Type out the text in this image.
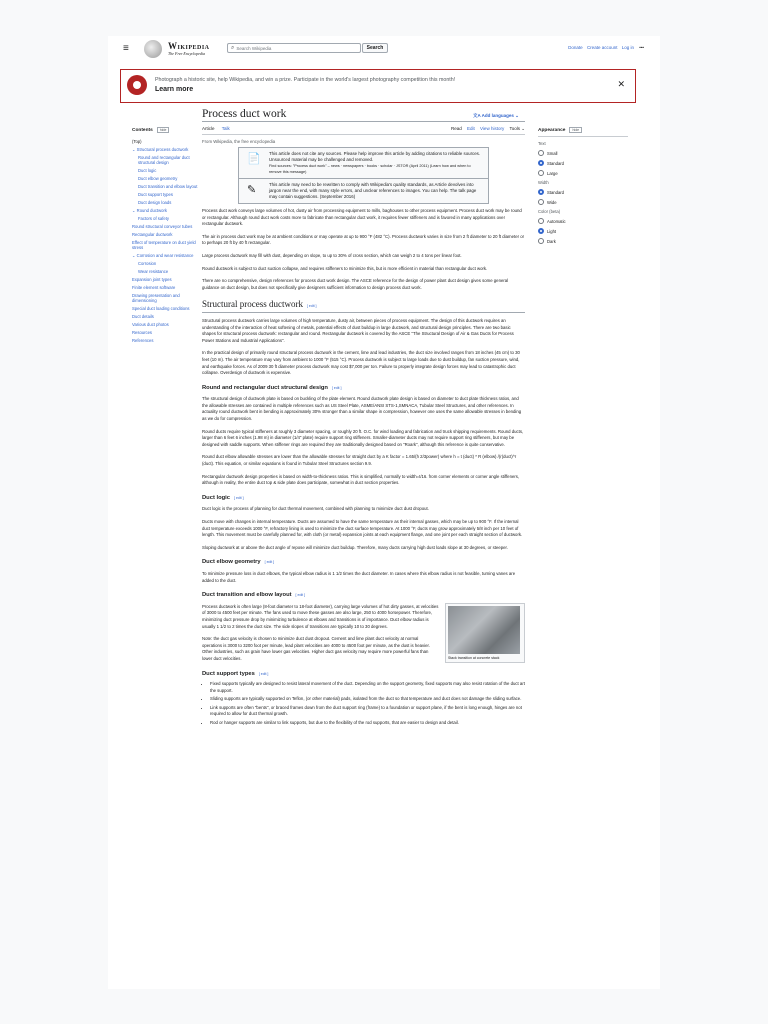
≡	Wikipedia
The Free Encyclopedia
⌕ Search Wikipedia	Search	Donate Create account Log in •••
Photograph a historic site, help Wikipedia, and win a prize. Participate in the world's largest photography competition this month!
Learn more
✕
Process duct work	文A Add languages ⌄
Article Talk	Read Edit View history Tools ⌄
From Wikipedia, the free encyclopedia
Contents hide
(Top)
⌄ Structural process ductwork
Round and rectangular duct structural design
Duct logic
Duct elbow geometry
Duct transition and elbow layout
Duct support types
Duct design loads
⌄ Round ductwork
Factors of safety
Round structural conveyor tubes
Rectangular ductwork
Effect of temperature on duct yield stress
⌄ Corrosion and wear resistance
Corrosion
Wear resistance
Expansion joint types
Finite element software
Drawing presentation and dimensioning
Special duct loading conditions
Duct details
Various duct photos
Resources
References
Appearance hide
Text
Small
Standard
Large
Width
Standard
Wide
Color (beta)
Automatic
Light
Dark
📄 This article does not cite any sources. Please help improve this article by adding citations to reliable sources. Unsourced material may be challenged and removed.
Find sources: "Process duct work" – news · newspapers · books · scholar · JSTOR (April 2011) (Learn how and when to remove this message)
✎	This article may need to be rewritten to comply with Wikipedia's quality standards, as Article devolves into jargon near the end, with many style errors, and unclear references to images. You can help. The talk page may contain suggestions. (September 2016)

Process duct work conveys large volumes of hot, dusty air from processing equipment to mills, baghouses to other process equipment. Process duct work may be round or rectangular. Although round duct work costs more to fabricate than rectangular duct work, it requires fewer stiffeners and is favored in many applications over rectangular ductwork.

The air in process duct work may be at ambient conditions or may operate at up to 900 °F (482 °C). Process ductwork varies in size from 2 ft diameter to 20 ft diameter or to perhaps 20 ft by 40 ft rectangular.

Large process ductwork may fill with dust, depending on slope, to up to 30% of cross section, which can weigh 2 to 4 tons per linear foot.

Round ductwork is subject to duct suction collapse, and requires stiffeners to minimize this, but is more efficient in material than rectangular duct work.

There are no comprehensive, design references for process duct work design. The ASCE reference for the design of power plant duct design gives some general guidance on duct design, but does not specifically give designers sufficient information to design process duct work.

Structural process ductwork [ edit ]

Structural process ductwork carries large volumes of high temperature, dusty air, between pieces of process equipment. The design of this ductwork requires an understanding of the interaction of heat softening of metals, potential effects of dust buildup in large ductwork, and structural design principles. There are two basic shapes for structural process ductwork: rectangular and round. Rectangular ductwork is covered by the ASCE "The Structural Design of Air & Gas Ducts for Process Power Stations and Industrial Applications".

In the practical design of primarily round structural process ductwork in the cement, lime and lead industries, the duct size involved ranges from 18 inches (45 cm) to 30 feet (10 m). The air temperature may vary from ambient to 1000 °F (515 °C). Process ductwork is subject to large loads due to dust buildup, fan suction pressure, wind, and earthquake forces. As of 2009 30 ft diameter process ductwork may cost $7,000 per ton. Failure to properly integrate design forces may lead to catastrophic duct collapse. Overdesign of ductwork is expensive.

Round and rectangular duct structural design [ edit ]

The structural design of ductwork plate is based on buckling of the plate element. Round ductwork plate design is based on diameter to duct plate thickness ratios, and the allowable stresses are contained in multiple references such as US Steel Plate, ASME/ANSI STS-1,SMNACA, Tubular Steel Structures, and other references. In actuality round ductwork bent in bending is approximately 30% stronger than a similar shape in compression, however one uses the same allowable stresses in bending as we do for compression.

Round ducts require typical stiffeners at roughly 3 diameter spacing, or roughly 20 ft. O.C. for wind loading and fabrication and truck shipping requirements. Round ducts, larger than 6 feet 6 inches (1.98 m) in diameter (1/4" plate) require support ring stiffeners. Smaller-diameter ducts may not require support ring stiffeners, but may be designed with saddle supports. When stiffener rings are required they are traditionally designed based on "Roark", although this reference is quite conservative.

Round duct elbow allowable stresses are lower than the allowable stresses for straight duct by a K factor = 1.65/(h 2/3power) where h = t (duct) * R (elbow) /(r(duct)^r (duct). This equation, or similar equations is found in Tubular Steel Structures section 9.9.

Rectangular ductwork design properties is based on width-to-thickness ratios. This is simplified, normally to width=t/16. from corner elements or corner angle stiffeners, although in reality, the entire duct top & side plate does participate, somewhat in duct section properties.

Duct logic [ edit ]

Duct logic is the process of planning for duct thermal movement, combined with planning to minimize duct dust dropout.

Ducts move with changes in internal temperature. Ducts are assumed to have the same temperature as their internal gasses, which may be up to 900 °F. If the internal duct temperature exceeds 1000 °F, refractory lining is used to minimize the duct surface temperature. At 1000 °F, ducts may grow approximately 5/8 inch per 10 feet of length. This movement must be carefully planned for, with cloth (or metal) expansion joints at each equipment flange, and one joint per each straight section of ductwork.

Sloping ductwork at or above the duct angle of repose will minimize duct buildup. Therefore, many ducts carrying high dust loads slope at 30 degrees, or steeper.

Duct elbow geometry [ edit ]

To minimize pressure loss in duct elbows, the typical elbow radius is 1 1/2 times the duct diameter. In cases where this elbow radius is not feasible, turning vanes are added to the duct.

Duct transition and elbow layout [ edit ]
Stack transition at concrete stack

Process ductwork is often large (8-foot diameter to 18-foot diameter), carrying large volumes of hot dirty gasses, at velocities of 3000 to 4500 feet per minute. The fans used to move these gasses are also large, 250 to 4000 horsepower. Therefore, minimizing duct pressure drop by minimizing turbulence at elbows and transitions is of importance. Duct elbow radius is usually 1 1/2 to 2 times the duct size. The side slopes of transitions are typically 10 to 30 degrees.

Note: the duct gas velocity is chosen to minimize duct dust dropout. Cement and lime plant duct velocity at normal operations is 3000 to 3200 foot per minute, lead plant velocities are 4000 to 4500 foot per minute, as the dust is heavier. Other industries, such as grain have lower gas velocities. Higher duct gas velocity may require more powerful fans than lower duct velocities.

Duct support types [ edit ]
• Fixed supports typically are designed to resist lateral movement of the duct. Depending on the support geometry, fixed supports may also resist rotation of the duct art the support.
• Sliding supports are typically supported on Teflon, (or other material) pads, isolated from the duct so that temperature and duct does not damage the sliding surface.
• Link supports are often "bents", or braced frames down from the duct support ring (frame) to a foundation or support plane, if the bent is long enough, hinges are not required to allow for duct thermal growth.
• Rod or hanger supports are similar to link supports, but due to the flexibility of the rod supports, that are easier to design and detail.
